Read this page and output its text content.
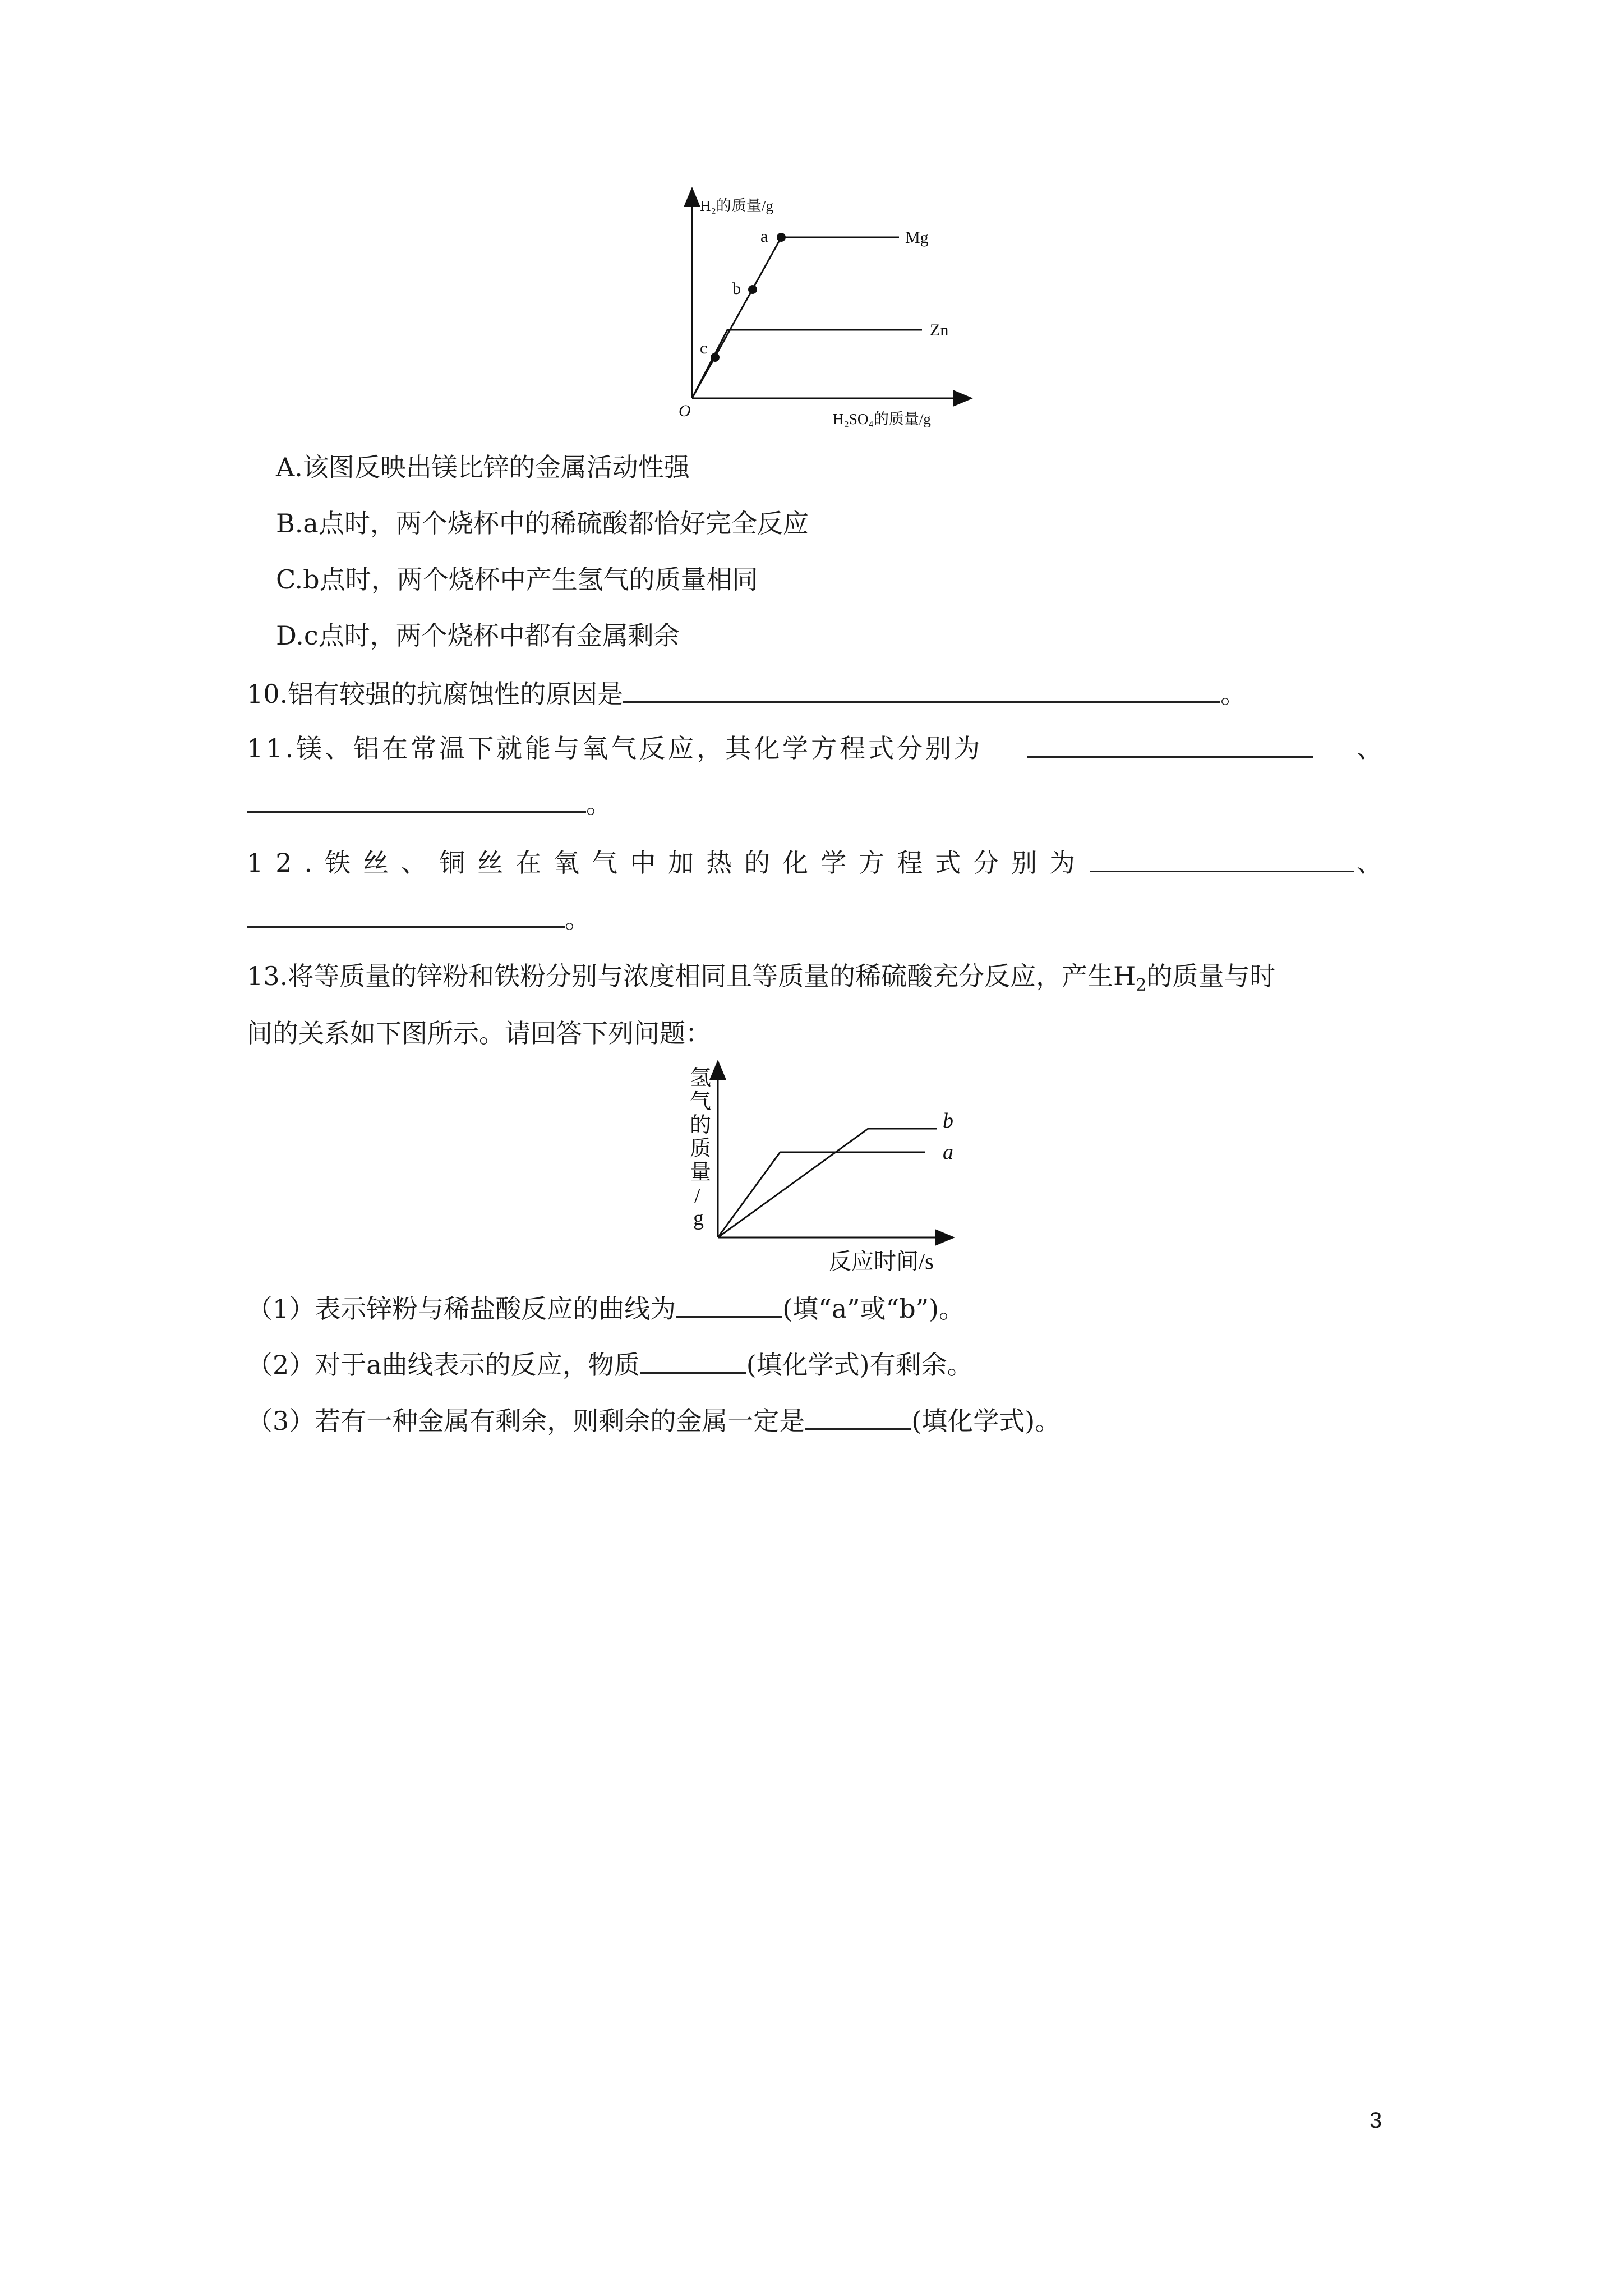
H₂的质量/g
H₂SO₄的质量/g
O
a
b
c
Mg
Zn
A.该图反映出镁比锌的金属活动性强
B.a点时，两个烧杯中的稀硫酸都恰好完全反应
C.b点时，两个烧杯中产生氢气的质量相同
D.c点时，两个烧杯中都有金属剩余
10.铝有较强的抗腐蚀性的原因是	。
11.镁、铝在常温下就能与氧气反应，其化学方程式分别为	、
。
12.铁丝、铜丝在氧气中加热的化学方程式分别为	、
。
13.将等质量的锌粉和铁粉分别与浓度相同且等质量的稀硫酸充分反应，产生$H_2$的质量与时
间的关系如下图所示。请回答下列问题：
氢
气
的
质
量
/
g
b
a
反应时间/s
（1）表示锌粉与稀盐酸反应的曲线为	(填“a”或“b”)。
（2）对于a曲线表示的反应，物质	(填化学式)有剩余。
（3）若有一种金属有剩余，则剩余的金属一定是	(填化学式)。
3
